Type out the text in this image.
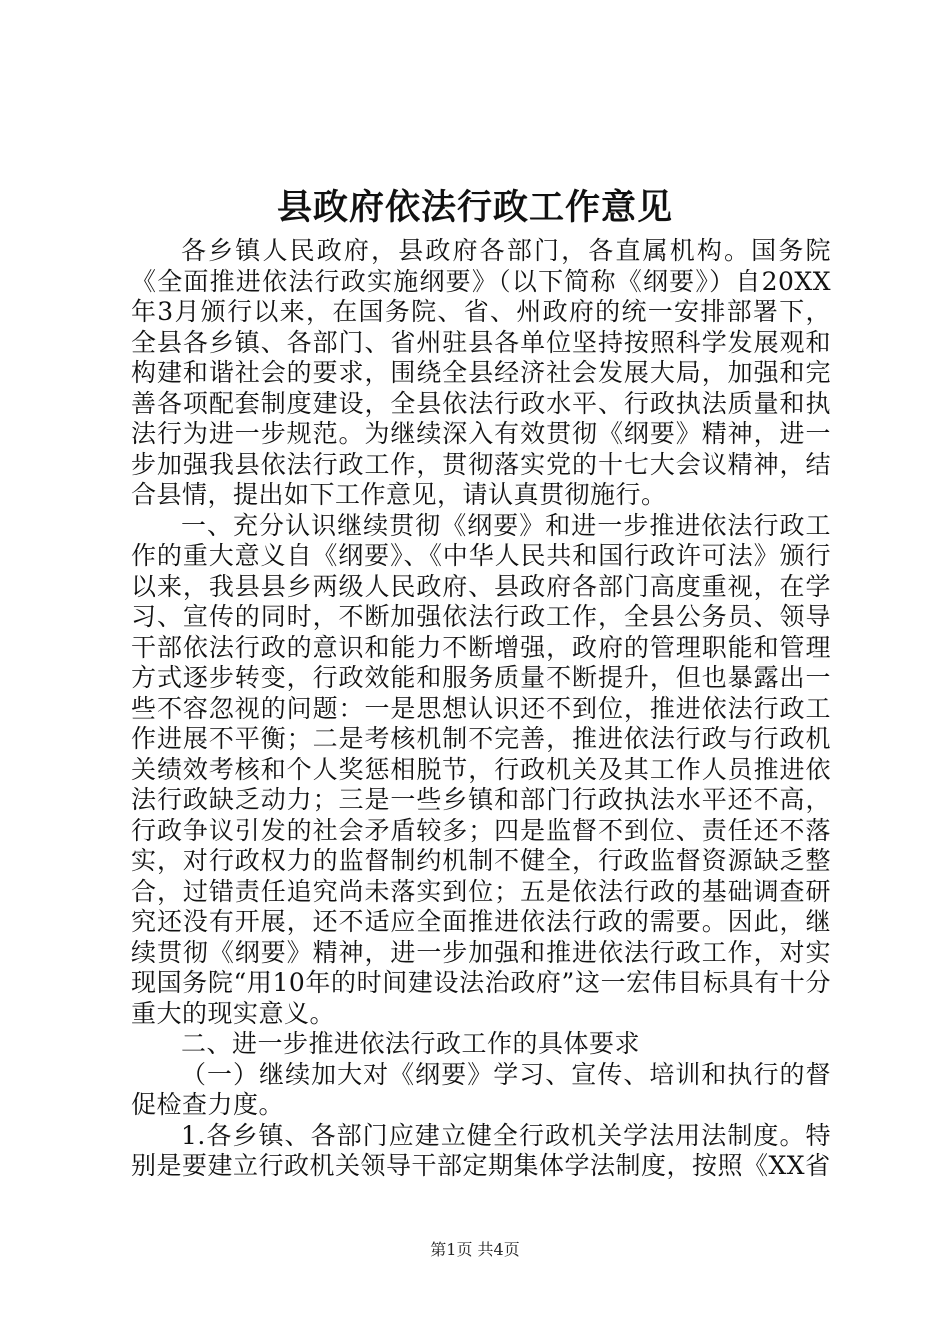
县政府依法行政工作意见

各乡镇人民政府，县政府各部门，各直属机构。国务院《全面推进依法行政实施纲要》（以下简称《纲要》）自20XX年3月颁行以来，在国务院、省、州政府的统一安排部署下，全县各乡镇、各部门、省州驻县各单位坚持按照科学发展观和构建和谐社会的要求，围绕全县经济社会发展大局，加强和完善各项配套制度建设，全县依法行政水平、行政执法质量和执法行为进一步规范。为继续深入有效贯彻《纲要》精神，进一步加强我县依法行政工作，贯彻落实党的十七大会议精神，结合县情，提出如下工作意见，请认真贯彻施行。

一、充分认识继续贯彻《纲要》和进一步推进依法行政工作的重大意义自《纲要》、《中华人民共和国行政许可法》颁行以来，我县县乡两级人民政府、县政府各部门高度重视，在学习、宣传的同时，不断加强依法行政工作，全县公务员、领导干部依法行政的意识和能力不断增强，政府的管理职能和管理方式逐步转变，行政效能和服务质量不断提升，但也暴露出一些不容忽视的问题：一是思想认识还不到位，推进依法行政工作进展不平衡；二是考核机制不完善，推进依法行政与行政机关绩效考核和个人奖惩相脱节，行政机关及其工作人员推进依法行政缺乏动力；三是一些乡镇和部门行政执法水平还不高，行政争议引发的社会矛盾较多；四是监督不到位、责任还不落实，对行政权力的监督制约机制不健全，行政监督资源缺乏整合，过错责任追究尚未落实到位；五是依法行政的基础调查研究还没有开展，还不适应全面推进依法行政的需要。因此，继续贯彻《纲要》精神，进一步加强和推进依法行政工作，对实现国务院“用10年的时间建设法治政府”这一宏伟目标具有十分重大的现实意义。

二、进一步推进依法行政工作的具体要求

（一）继续加大对《纲要》学习、宣传、培训和执行的督促检查力度。

1.各乡镇、各部门应建立健全行政机关学法用法制度。特别是要建立行政机关领导干部定期集体学法制度，按照《XX省

第1页 共4页
